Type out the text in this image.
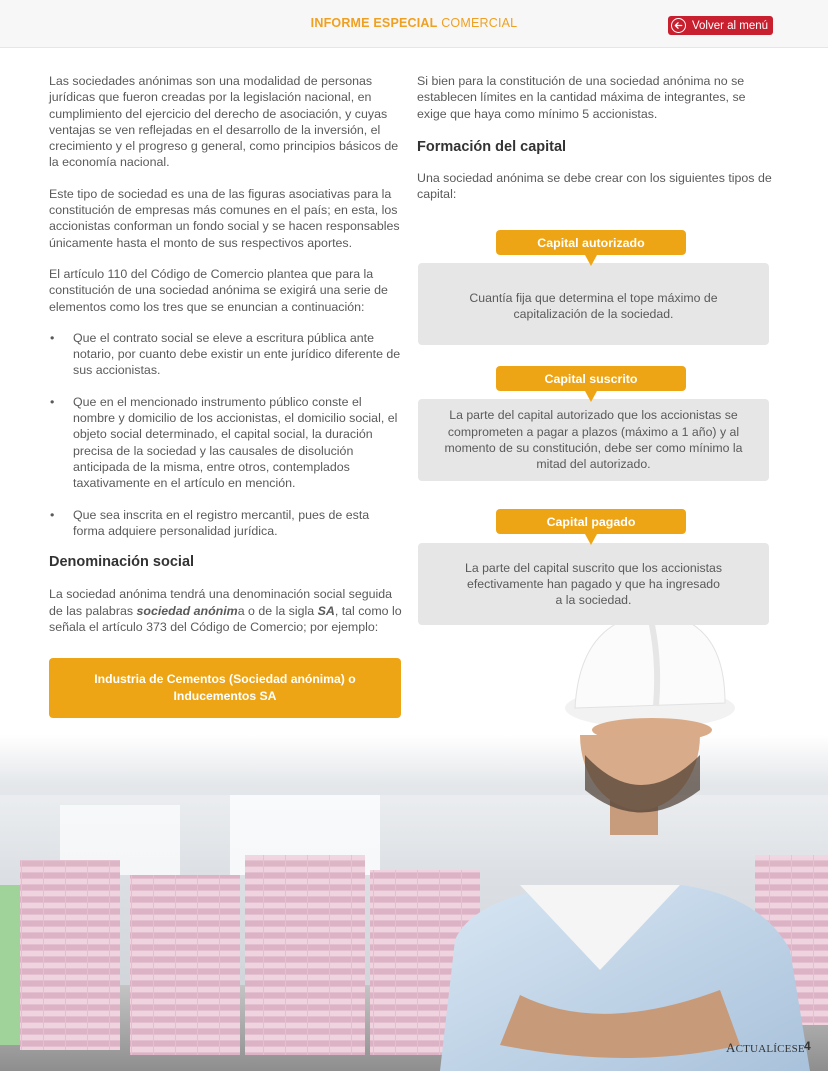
INFORME ESPECIAL COMERCIAL	Volver al menú

Las sociedades anónimas son una modalidad de personas jurídicas que fueron creadas por la legislación nacional, en cumplimiento del ejercicio del derecho de asociación, y cuyas ventajas se ven reflejadas en el desarrollo de la inversión, el crecimiento y el progreso g general, como principios básicos de la economía nacional.

Este tipo de sociedad es una de las figuras asociativas para la constitución de empresas más comunes en el país; en esta, los accionistas conforman un fondo social y se hacen responsables únicamente hasta el monto de sus respectivos aportes.

El artículo 110 del Código de Comercio plantea que para la constitución de una sociedad anónima se exigirá una serie de elementos como los tres que se enuncian a continuación:

• Que el contrato social se eleve a escritura pública ante notario, por cuanto debe existir un ente jurídico diferente de sus accionistas.
• Que en el mencionado instrumento público conste el nombre y domicilio de los accionistas, el domicilio social, el objeto social determinado, el capital social, la duración precisa de la sociedad y las causales de disolución anticipada de la misma, entre otros, contemplados taxativamente en el artículo en mención.
• Que sea inscrita en el registro mercantil, pues de esta forma adquiere personalidad jurídica.
Denominación social

La sociedad anónima tendrá una denominación social seguida de las palabras sociedad anónima o de la sigla SA, tal como lo señala el artículo 373 del Código de Comercio; por ejemplo:

Industria de Cementos (Sociedad anónima) o Inducementos SA

Si bien para la constitución de una sociedad anónima no se establecen límites en la cantidad máxima de integrantes, se exige que haya como mínimo 5 accionistas.

Formación del capital

Una sociedad anónima se debe crear con los siguientes tipos de capital:

Capital autorizado
Cuantía fija que determina el tope máximo de capitalización de la sociedad.
Capital suscrito
La parte del capital autorizado que los accionistas se comprometen a pagar a plazos (máximo a 1 año) y al momento de su constitución, debe ser como mínimo la mitad del autorizado.
Capital pagado
La parte del capital suscrito que los accionistas efectivamente han pagado y que ha ingresado a la sociedad.
ACTUALÍCESE 4
